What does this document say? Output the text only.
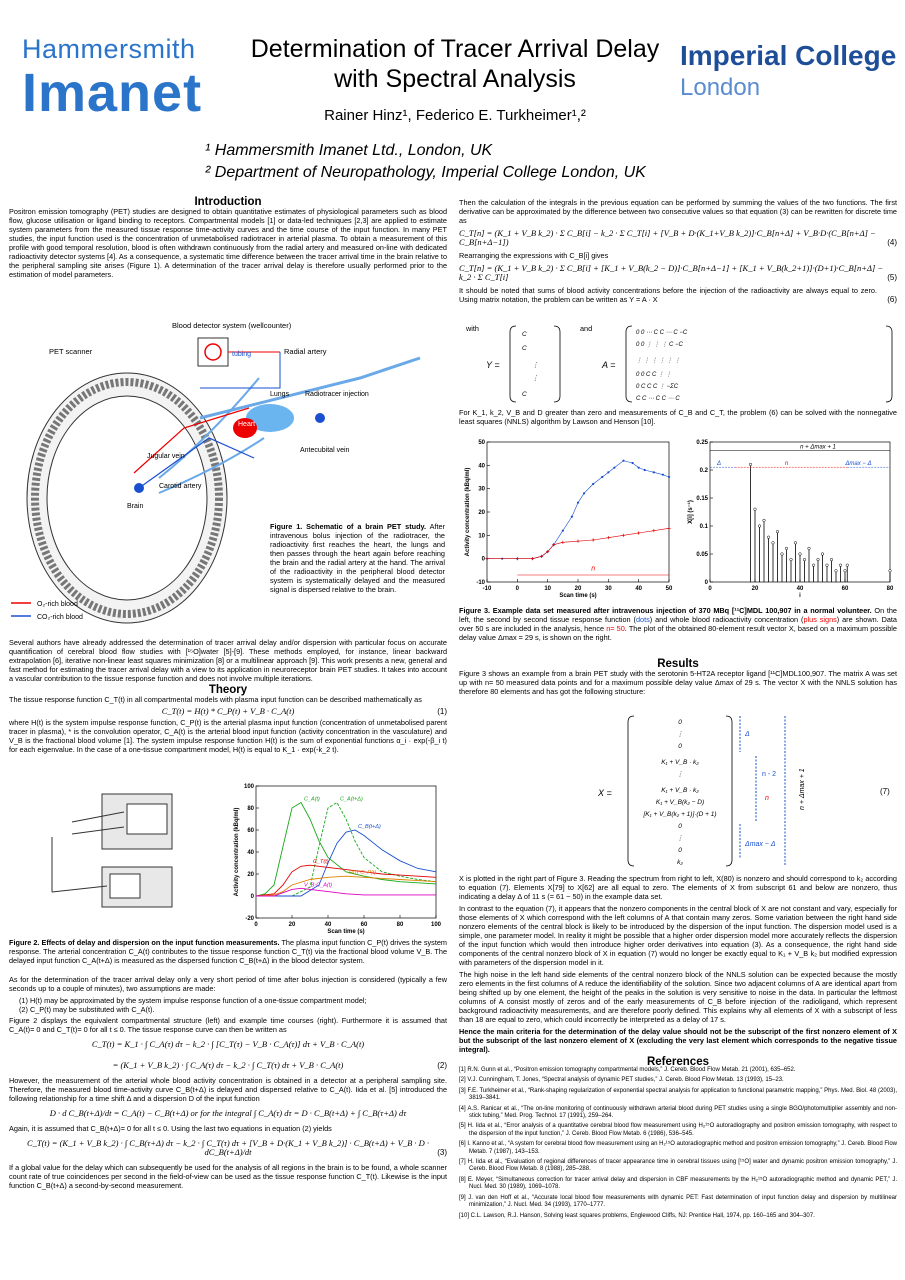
Hammersmith
Imanet
Determination of Tracer Arrival Delay
with Spectral Analysis
Rainer Hinz¹, Federico E. Turkheimer¹,²
¹ Hammersmith Imanet Ltd., London, UK
² Department of Neuropathology, Imperial College London, UK
Imperial College
London
Introduction

Positron emission tomography (PET) studies are designed to obtain quantitative estimates of physiological parameters such as blood flow, glucose utilisation or ligand binding to receptors. Compartmental models [1] or data-led techniques [2,3] are applied to estimate system parameters from the measured tissue response time-activity curves and the time course of the input function. In many PET studies, the input function used is the concentration of unmetabolised radiotracer in arterial plasma. To obtain a measurement of this profile with good temporal resolution, blood is often withdrawn continuously from the radial artery and measured on-line with dedicated radioactivity detector systems [4]. As a consequence, a systematic time difference between the tracer arrival time in the brain relative to the peripheral sampling site arises (Figure 1). A determination of the tracer arrival delay is therefore usually performed prior to the estimation of model parameters.

O₂-rich blood
CO₂-rich blood
PET scanner
Jugular vein
Carotid artery
Brain
Blood detector system (wellcounter)
tubing	Radial artery
Lungs Radiotracer injection
Heart
Antecubital vein
Figure 1. Schematic of a brain PET study. After intravenous bolus injection of the radiotracer, the radioactivity first reaches the heart, the lungs and then passes through the heart again before reaching the brain and the radial artery at the hand. The arrival of the radioactivity in the peripheral blood detector system is systematically delayed and the measured signal is dispersed relative to the brain.

Several authors have already addressed the determination of tracer arrival delay and/or dispersion with particular focus on accurate quantification of cerebral blood flow studies with [¹⁵O]water [5]-[9]. These methods employed, for instance, linear backward extrapolation [6], iterative non-linear least squares minimization [8] or a multilinear approach [9]. This work presents a new, general and fast method for estimating the tracer arrival delay with a view to its application in neuroreceptor brain PET studies. It takes into account a vascular contribution to the tissue response function and does not involve multiple iterations.

Theory

The tissue response function C_T(t) in all compartmental models with plasma input function can be described mathematically as

C_T(t) = H(t) * C_P(t) + V_B · C_A(t)	(1)

where H(t) is the system impulse response function, C_P(t) is the arterial plasma input function (concentration of unmetabolised parent tracer in plasma), * is the convolution operator, C_A(t) is the arterial blood input function (activity concentration in the vasculature) and V_B is the fractional blood volume [1]. The system impulse response function H(t) is the sum of exponential functions α_i · exp(-β_i t) for each eigenvalue. In the case of a one-tissue compartment model, H(t) is equal to K_1 · exp(-k_2 t).

0	20	40	60	80	100
-20
0
20
40
60
80
100
Scan time (s)
Activity concentration (kBq/ml)
C_A(t)	C_A(t+Δ)
C_B(t+Δ)
C_T(t)
H(t)*C_P(t)
V_B·C_A(t)
Figure 2. Effects of delay and dispersion on the input function measurements. The plasma input function C_P(t) drives the system response. The arterial concentration C_A(t) contributes to the tissue response function C_T(t) via the fractional blood volume V_B. The delayed input function C_A(t+Δ) is measured as the dispersed function C_B(t+Δ) in the blood detector system.

As for the determination of the tracer arrival delay only a very short period of time after bolus injection is considered (typically a few seconds up to a couple of minutes), two assumptions are made:

(1) H(t) may be approximated by the system impulse response function of a one-tissue compartment model;

(2) C_P(t) may be substituted with C_A(t).

Figure 2 displays the equivalent compartmental structure (left) and example time courses (right). Furthermore it is assumed that C_A(t)= 0 and C_T(t)= 0 for all t ≤ 0. The tissue response curve can then be written as

C_T(t) = K_1 · ∫ C_A(τ) dτ − k_2 · ∫ [C_T(τ) − V_B · C_A(τ)] dτ + V_B · C_A(t)
= (K_1 + V_B k_2) · ∫ C_A(τ) dτ − k_2 · ∫ C_T(τ) dτ + V_B · C_A(t)	(2)

However, the measurement of the arterial whole blood activity concentration is obtained in a detector at a peripheral sampling site. Therefore, the measured blood time-activity curve C_B(t+Δ) is delayed and dispersed relative to C_A(t). Iida et al. [5] introduced the following relationship for a time shift Δ and a dispersion D of the input function

D · d C_B(t+Δ)/dt = C_A(t) − C_B(t+Δ) or for the integral ∫ C_A(τ) dτ = D · C_B(t+Δ) + ∫ C_B(τ+Δ) dτ

Again, it is assumed that C_B(t+Δ)= 0 for all t ≤ 0. Using the last two equations in equation (2) yields

C_T(t) = (K_1 + V_B k_2) · ∫ C_B(τ+Δ) dτ − k_2 · ∫ C_T(τ) dτ + [V_B + D·(K_1 + V_B k_2)] · C_B(t+Δ) + V_B · D · dC_B(t+Δ)/dt	(3)

If a global value for the delay which can subsequently be used for the analysis of all regions in the brain is to be found, a whole scanner count rate of true coincidences per second in the field-of-view can be used as the tissue response function C_T(t). Likewise is the input function C_B(t+Δ) a second-by-second measurement.

Then the calculation of the integrals in the previous equation can be performed by summing the values of the two functions. The first derivative can be approximated by the difference between two consecutive values so that equation (3) can be rewritten for discrete time as

C_T[n] = (K_1 + V_B k_2) · Σ C_B[i] − k_2 · Σ C_T[i] + [V_B + D·(K_1+V_B k_2)]·C_B[n+Δ] + V_B·D·(C_B[n+Δ] − C_B[n+Δ−1])	(4)

Rearranging the expressions with C_B[i] gives

C_T[n] = (K_1 + V_B k_2) · Σ C_B[i] + [K_1 + V_B(k_2 − D)]·C_B[n+Δ−1] + [K_1 + V_B(k_2+1)]·(D+1)·C_B[n+Δ] − k_2 · Σ C_T[i]	(5)

It should be noted that sums of blood activity concentrations before the injection of the radioactivity are always equal to zero. Using matrix notation, the problem can be written as Y = A · X	(6)
with	and
Y =
C
C
⋮
⋮
C
A =
0 0 ⋯ C C ⋯ C −C
0 0 ⋮ ⋮ ⋮ C −C
⋮ ⋮ ⋮ ⋮ ⋮ ⋮
0 0 C C ⋮ ⋮
0 C C C ⋮ −ΣC
C C ⋯ C C ⋯ C

For K_1, k_2, V_B and D greater than zero and measurements of C_B and C_T, the problem (6) can be solved with the nonnegative least squares (NNLS) algorithm by Lawson and Henson [10].

-10	0	10	20	30	40	50
-10
0
10
20
30
40
50
Scan time (s)
Activity concentration (kBq/ml)
n
0	20	40	60	80
0
0.05
0.1
0.15
0.2
0.25
i
X[i] (s⁻¹)
n + Δmax + 1
Δ	n	Δmax − Δ
Figure 3. Example data set measured after intravenous injection of 370 MBq [¹¹C]MDL 100,907 in a normal volunteer. On the left, the second by second tissue response function (dots) and whole blood radioactivity concentration (plus signs) are shown. Data over 50 s are included in the analysis, hence n= 50. The plot of the obtained 80-element result vector X, based on a maximum possible delay value Δmax = 29 s, is shown on the right.
Results

Figure 3 shows an example from a brain PET study with the serotonin 5-HT2A receptor ligand [¹¹C]MDL100,907. The matrix A was set up with n= 50 measured data points and for a maximum possible delay value Δmax of 29 s. The vector X with the NNLS solution has therefore 80 elements and has got the following structure:

X =
0
⋮
0
K₁ + V_B · k₂
⋮
K₁ + V_B · k₂
K₁ + V_B(k₂ − D)
[K₁ + V_B(k₂ + 1)]·(D + 1)
0
⋮
0
k₂
Δ
n - 2
n
Δmax − Δ
n + Δmax + 1	(7)

X is plotted in the right part of Figure 3. Reading the spectrum from right to left, X(80) is nonzero and should correspond to k₂ according to equation (7). Elements X[79] to X[62] are all equal to zero. The elements of X from subscript 61 and below are nonzero, thus indicating a delay Δ of 11 s (= 61 − 50) in the example data set.

In contrast to the equation (7), it appears that the nonzero components in the central block of X are not constant and vary, especially for those elements of X which correspond with the left columns of A that contain many zeros. Some variation between the right hand side nonzero elements of the central block is likely to be introduced by the dispersion of the input function. The dispersion model used is a simple, one parameter model. In reality it might be possible that a higher order dispersion model more accurately reflects the dispersion of the input function which would then introduce higher order derivatives into equation (3). As a consequence, the right hand side components of the central nonzero block of X in equation (7) would no longer be exactly equal to K₁ + V_B k₂ but modified expression with parameters of the dispersion model in it.

The high noise in the left hand side elements of the central nonzero block of the NNLS solution can be expected because the mostly zero elements in the first columns of A reduce the identifiability of the solution. Since two adjacent columns of A are identical apart from being shifted up by one element, the height of the peaks in the solution is very sensitive to noise in the data. In particular the leftmost columns of A consist mostly of zeros and of the early measurements of C_B before injection of the radioligand, which represent background radioactivity measurements, and are therefore poorly defined. This explains why all elements of X with a subscript of less than 18 are equal to zero, which could incorrectly be interpreted as a delay of 17 s.

Hence the main criteria for the determination of the delay value should not be the subscript of the first nonzero element of X but the subscript of the last nonzero element of X (excluding the very last element which corresponds to the negative tissue integral).

References

[1] R.N. Gunn et al., “Positron emission tomography compartmental models,” J. Cereb. Blood Flow Metab. 21 (2001), 635–652.

[2] V.J. Cunningham, T. Jones, “Spectral analysis of dynamic PET studies,” J. Cereb. Blood Flow Metab. 13 (1993), 15–23.

[3] F.E. Turkheimer et al., “Rank-shaping regularization of exponential spectral analysis for application to functional parametric mapping,” Phys. Med. Biol. 48 (2003), 3819–3841.

[4] A.S. Ranicar et al., “The on-line monitoring of continuously withdrawn arterial blood during PET studies using a single BGO/photomultiplier assembly and non-stick tubing,” Med. Prog. Technol. 17 (1991), 259–264.

[5] H. Iida et al., “Error analysis of a quantitative cerebral blood flow measurement using H₂¹⁵O autoradiography and positron emission tomography, with respect to the dispersion of the input function,” J. Cereb. Blood Flow Metab. 6 (1986), 536–545.

[6] I. Kanno et al., “A system for cerebral blood flow measurement using an H₂¹⁵O autoradiographic method and positron emission tomography,” J. Cereb. Blood Flow Metab. 7 (1987), 143–153.

[7] H. Iida et al., “Evaluation of regional differences of tracer appearance time in cerebral tissues using [¹⁵O] water and dynamic positron emission tomography,” J. Cereb. Blood Flow Metab. 8 (1988), 285–288.

[8] E. Meyer, “Simultaneous correction for tracer arrival delay and dispersion in CBF measurements by the H₂¹⁵O autoradiographic method and dynamic PET,” J. Nucl. Med. 30 (1989), 1069–1078.

[9] J. van den Hoff et al., “Accurate local blood flow measurements with dynamic PET: Fast determination of input function delay and dispersion by multilinear minimization,” J. Nucl. Med. 34 (1993), 1770–1777.

[10] C.L. Lawson, R.J. Hanson, Solving least squares problems, Englewood Cliffs, NJ: Prentice Hall, 1974, pp. 160–165 and 304–307.
